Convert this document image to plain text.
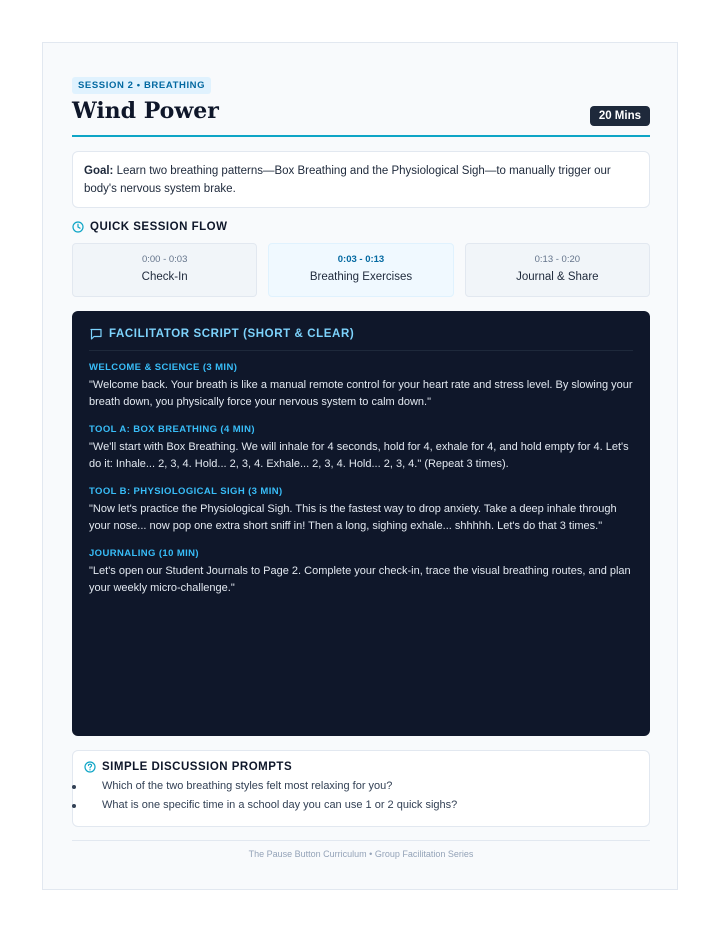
SESSION 2 • BREATHING
Wind Power	20 Mins
Goal: Learn two breathing patterns—Box Breathing and the Physiological Sigh—to manually trigger our body's nervous system brake.
QUICK SESSION FLOW
0:00 - 0:03
Check-In
0:03 - 0:13
Breathing Exercises
0:13 - 0:20
Journal & Share
FACILITATOR SCRIPT (SHORT & CLEAR)
WELCOME & SCIENCE (3 MIN)
"Welcome back. Your breath is like a manual remote control for your heart rate and stress level. By slowing your breath down, you physically force your nervous system to calm down."
TOOL A: BOX BREATHING (4 MIN)
"We'll start with Box Breathing. We will inhale for 4 seconds, hold for 4, exhale for 4, and hold empty for 4. Let's do it: Inhale... 2, 3, 4. Hold... 2, 3, 4. Exhale... 2, 3, 4. Hold... 2, 3, 4." (Repeat 3 times).
TOOL B: PHYSIOLOGICAL SIGH (3 MIN)
"Now let's practice the Physiological Sigh. This is the fastest way to drop anxiety. Take a deep inhale through your nose... now pop one extra short sniff in! Then a long, sighing exhale... shhhhh. Let's do that 3 times."
JOURNALING (10 MIN)
"Let's open our Student Journals to Page 2. Complete your check-in, trace the visual breathing routes, and plan your weekly micro-challenge."
SIMPLE DISCUSSION PROMPTS
Which of the two breathing styles felt most relaxing for you?
What is one specific time in a school day you can use 1 or 2 quick sighs?
The Pause Button Curriculum • Group Facilitation Series
